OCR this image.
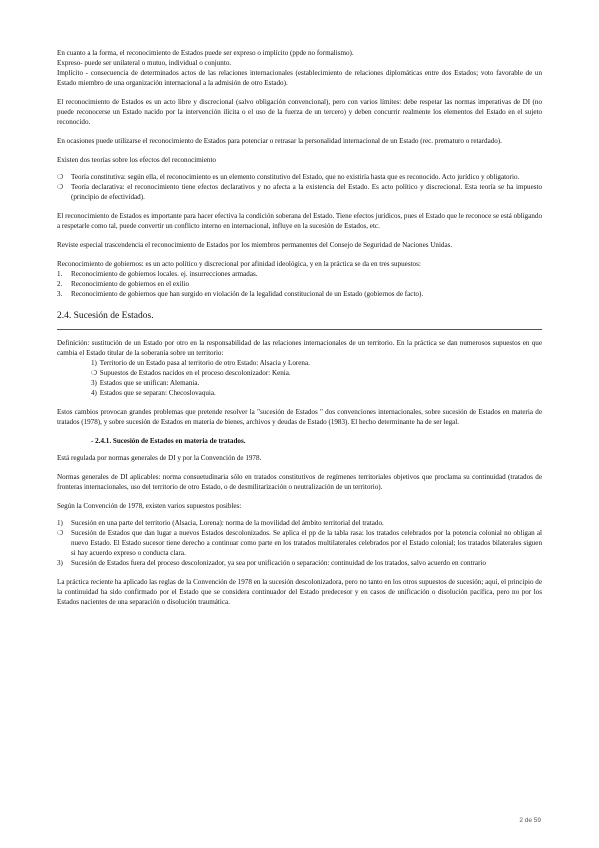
En cuanto a la forma, el reconocimiento de Estados puede ser expreso o implícito (ppde no formalismo).

Expreso- puede ser unilateral o mutuo, individual o conjunto.

Implícito - consecuencia de determinados actos de las relaciones internacionales (establecimiento de relaciones diplomáticas entre dos Estados; voto favorable de un Estado miembro de una organización internacional a la admisión de otro Estado).

El reconocimiento de Estados es un acto libre y discrecional (salvo obligación convencional), pero con varios límites: debe respetar las normas imperativas de DI (no puede reconocerse un Estado nacido por la intervención ilícita o el uso de la fuerza de un tercero) y deben concurrir realmente los elementos del Estado en el sujeto reconocido.

En ocasiones puede utilizarse el reconocimiento de Estados para potenciar o retrasar la personalidad internacional de un Estado (rec. prematuro o retardado).

Existen dos teorías sobre los efectos del reconocimiento

❍ Teoría constitutiva: según ella, el reconocimiento es un elemento constitutivo del Estado, que no existiría hasta que es reconocido. Acto jurídico y obligatorio.
❍ Teoría declarativa: el reconocimiento tiene efectos declarativos y no afecta a la existencia del Estado. Es acto político y discrecional. Esta teoría se ha impuesto (principio de efectividad).

El reconocimiento de Estados es importante para hacer efectiva la condición soberana del Estado. Tiene efectos jurídicos, pues el Estado que le reconoce se está obligando a respetarle como tal, puede convertir un conflicto interno en internacional, influye en la sucesión de Estados, etc.

Reviste especial trascendencia el reconocimiento de Estados por los miembros permanentes del Consejo de Seguridad de Naciones Unidas.

Reconocimiento de gobiernos: es un acto político y discrecional por afinidad ideológica, y en la práctica se da en tres supuestos:

1. Reconocimiento de gobiernos locales. ej. insurrecciones armadas.
2. Reconocimiento de gobiernos en el exilio
3. Reconocimiento de gobiernos que han surgido en violación de la legalidad constitucional de un Estado (gobiernos de facto).
2.4. Sucesión de Estados.

Definición: sustitución de un Estado por otro en la responsabilidad de las relaciones internacionales de un territorio. En la práctica se dan numerosos supuestos en que cambia el Estado titular de la soberanía sobre un territorio:

1) Territorio de un Estado pasa al territorio de otro Estado: Alsacia y Lorena.
❍ Supuestos de Estados nacidos en el proceso descolonizador: Kenia.
3) Estados que se unifican: Alemania.
4) Estados que se separan: Checoslovaquia.

Estos cambios provocan grandes problemas que pretende resolver la "sucesión de Estados " dos convenciones internacionales, sobre sucesión de Estados en materia de tratados (1978), y sobre sucesión de Estados en materia de bienes, archivos y deudas de Estado (1983). El hecho determinante ha de ser legal.

- 2.4.1. Sucesión de Estados en materia de tratados.

Está regulada por normas generales de DI y por la Convención de 1978.

Normas generales de DI aplicables: norma consuetudinaria sólo en tratados constitutivos de regímenes territoriales objetivos que proclama su continuidad (tratados de fronteras internacionales, uso del territorio de otro Estado, o de desmilitarización o neutralización de un territorio).

Según la Convención de 1978, existen varios supuestos posibles:

1) Sucesión en una parte del territorio (Alsacia, Lorena): norma de la movilidad del ámbito territorial del tratado.
❍ Sucesión de Estados que dan lugar a nuevos Estados descolonizados. Se aplica el pp de la tabla rasa: los tratados celebrados por la potencia colonial no obligan al nuevo Estado. El Estado sucesor tiene derecho a continuar como parte en los tratados multilaterales celebrados por el Estado colonial; los tratados bilaterales siguen si hay acuerdo expreso o conducta clara.
3) Sucesión de Estados fuera del proceso descolonizador, ya sea por unificación o separación: continuidad de los tratados, salvo acuerdo en contrario

La práctica reciente ha aplicado las reglas de la Convención de 1978 en la sucesión descolonizadora, pero no tanto en los otros supuestos de sucesión; aquí, el principio de la continuidad ha sido confirmado por el Estado que se considera continuador del Estado predecesor y en casos de unificación o disolución pacífica, pero no por los Estados nacientes de una separación o disolución traumática.

2 de 59
